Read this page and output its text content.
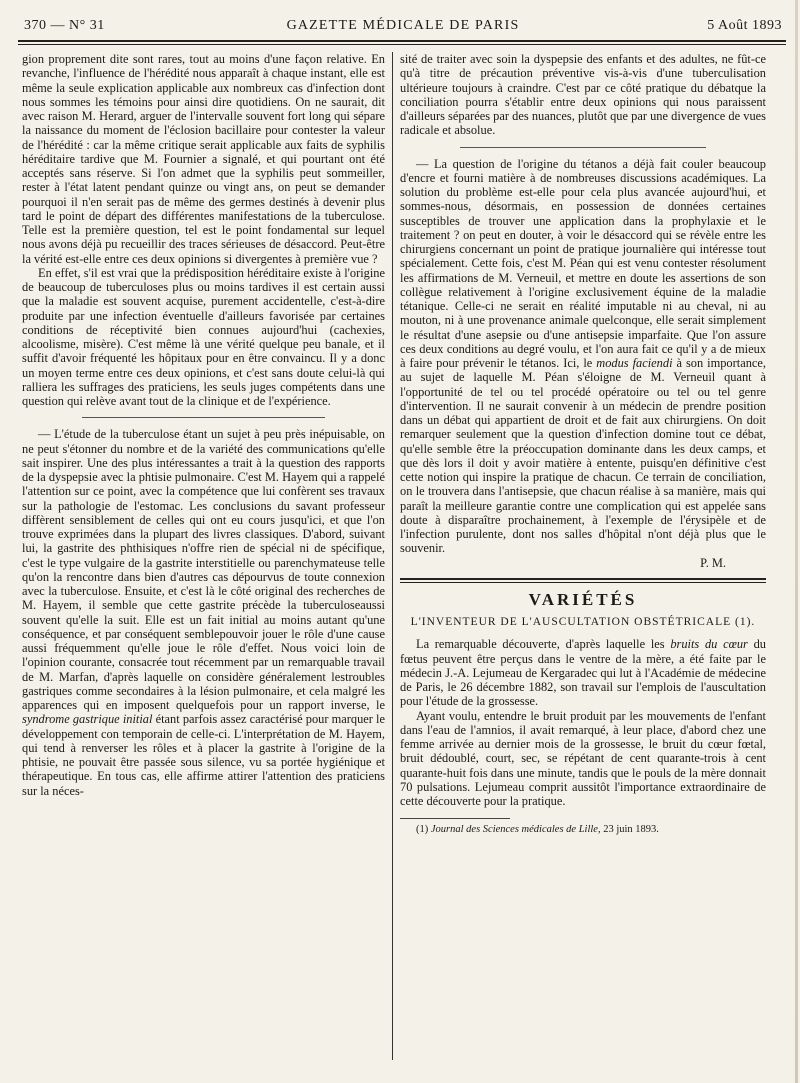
370 — N° 31	GAZETTE MÉDICALE DE PARIS	5 Août 1893

gion proprement dite sont rares, tout au moins d'une façon relative. En revanche, l'influence de l'hérédité nous apparaît à chaque instant, elle est même la seule explication applicable aux nombreux cas d'infection dont nous sommes les témoins pour ainsi dire quotidiens. On ne saurait, dit avec raison M. Herard, arguer de l'intervalle souvent fort long qui sépare la naissance du moment de l'éclosion bacillaire pour contester la valeur de l'hérédité : car la même critique serait applicable aux faits de syphilis héréditaire tardive que M. Fournier a signalé, et qui pourtant ont été acceptés sans réserve. Si l'on admet que la syphilis peut sommeiller, rester à l'état latent pendant quinze ou vingt ans, on peut se demander pourquoi il n'en serait pas de même des germes destinés à devenir plus tard le point de départ des différentes manifestations de la tuberculose. Telle est la première question, tel est le point fondamental sur lequel nous avons déjà pu recueillir des traces sérieuses de désaccord. Peut-être la vérité est-elle entre ces deux opinions si divergentes à première vue ?

En effet, s'il est vrai que la prédisposition héréditaire existe à l'origine de beaucoup de tuberculoses plus ou moins tardives il est certain aussi que la maladie est souvent acquise, purement accidentelle, c'est-à-dire produite par une infection éventuelle d'ailleurs favorisée par certaines conditions de réceptivité bien connues aujourd'hui (cachexies, alcoolisme, misère). C'est même là une vérité quelque peu banale, et il suffit d'avoir fréquenté les hôpitaux pour en être convaincu. Il y a donc un moyen terme entre ces deux opinions, et c'est sans doute celui-là qui ralliera les suffrages des praticiens, les seuls juges compétents dans une question qui relève avant tout de la clinique et de l'expérience.

— L'étude de la tuberculose étant un sujet à peu près inépuisable, on ne peut s'étonner du nombre et de la variété des communications qu'elle sait inspirer. Une des plus intéressantes a trait à la question des rapports de la dyspepsie avec la phtisie pulmonaire. C'est M. Hayem qui a rappelé l'attention sur ce point, avec la compétence que lui confèrent ses travaux sur la pathologie de l'estomac. Les conclusions du savant professeur diffèrent sensiblement de celles qui ont eu cours jusqu'ici, et que l'on trouve exprimées dans la plupart des livres classiques. D'abord, suivant lui, la gastrite des phthisiques n'offre rien de spécial ni de spécifique, c'est le type vulgaire de la gastrite interstitielle ou parenchymateuse telle qu'on la rencontre dans bien d'autres cas dépourvus de toute connexion avec la tuberculose. Ensuite, et c'est là le côté original des recherches de M. Hayem, il semble que cette gastrite précède la tuberculoseaussi souvent qu'elle la suit. Elle est un fait initial au moins autant qu'une conséquence, et par conséquent semblepouvoir jouer le rôle d'une cause aussi fréquemment qu'elle joue le rôle d'effet. Nous voici loin de l'opinion courante, consacrée tout récemment par un remarquable travail de M. Marfan, d'après laquelle on considère généralement lestroubles gastriques comme secondaires à la lésion pulmonaire, et cela malgré les apparences qui en imposent quelquefois pour un rapport inverse, le syndrome gastrique initial étant parfois assez caractérisé pour marquer le développement con temporain de celle-ci. L'interprétation de M. Hayem, qui tend à renverser les rôles et à placer la gastrite à l'origine de la phtisie, ne pouvait être passée sous silence, vu sa portée hygiénique et thérapeutique. En tous cas, elle affirme attirer l'attention des praticiens sur la néces-

sité de traiter avec soin la dyspepsie des enfants et des adultes, ne fût-ce qu'à titre de précaution préventive vis-à-vis d'une tuberculisation ultérieure toujours à craindre. C'est par ce côté pratique du débatque la conciliation pourra s'établir entre deux opinions qui nous paraissent d'ailleurs séparées par des nuances, plutôt que par une divergence de vues radicale et absolue.

— La question de l'origine du tétanos a déjà fait couler beaucoup d'encre et fourni matière à de nombreuses discussions académiques. La solution du problème est-elle pour cela plus avancée aujourd'hui, et sommes-nous, désormais, en possession de données certaines susceptibles de trouver une application dans la prophylaxie et le traitement ? on peut en douter, à voir le désaccord qui se révèle entre les chirurgiens concernant un point de pratique journalière qui intéresse tout spécialement. Cette fois, c'est M. Péan qui est venu contester résolument les affirmations de M. Verneuil, et mettre en doute les assertions de son collègue relativement à l'origine exclusivement équine de la maladie tétanique. Celle-ci ne serait en réalité imputable ni au cheval, ni au mouton, ni à une provenance animale quelconque, elle serait simplement le résultat d'une asepsie ou d'une antisepsie imparfaite. Que l'on assure ces deux conditions au degré voulu, et l'on aura fait ce qu'il y a de mieux à faire pour prévenir le tétanos. Ici, le modus faciendi à son importance, au sujet de laquelle M. Péan s'éloigne de M. Verneuil quant à l'opportunité de tel ou tel procédé opératoire ou tel ou tel genre d'intervention. Il ne saurait convenir à un médecin de prendre position dans un débat qui appartient de droit et de fait aux chirurgiens. On doit remarquer seulement que la question d'infection domine tout ce débat, qu'elle semble être la préoccupation dominante dans les deux camps, et que dès lors il doit y avoir matière à entente, puisqu'en définitive c'est cette notion qui inspire la pratique de chacun. Ce terrain de conciliation, on le trouvera dans l'antisepsie, que chacun réalise à sa manière, mais qui paraît la meilleure garantie contre une complication qui est appelée sans doute à disparaître prochainement, à l'exemple de l'érysipèle et de l'infection purulente, dont nos salles d'hôpital n'ont déjà plus que le souvenir.

P. M.

VARIÉTÉS
L'INVENTEUR DE L'AUSCULTATION OBSTÉTRICALE (1).

La remarquable découverte, d'après laquelle les bruits du cœur du fœtus peuvent être perçus dans le ventre de la mère, a été faite par le médecin J.-A. Lejumeau de Kergaradec qui lut à l'Académie de médecine de Paris, le 26 décembre 1882, son travail sur l'emplois de l'auscultation pour l'étude de la grossesse.

Ayant voulu, entendre le bruit produit par les mouvements de l'enfant dans l'eau de l'amnios, il avait remarqué, à leur place, d'abord chez une femme arrivée au dernier mois de la grossesse, le bruit du cœur fœtal, bruit dédoublé, court, sec, se répétant de cent quarante-trois à cent quarante-huit fois dans une minute, tandis que le pouls de la mère donnait 70 pulsations. Lejumeau comprit aussitôt l'importance extraordinaire de cette découverte pour la pratique.

(1) Journal des Sciences médicales de Lille, 23 juin 1893.
